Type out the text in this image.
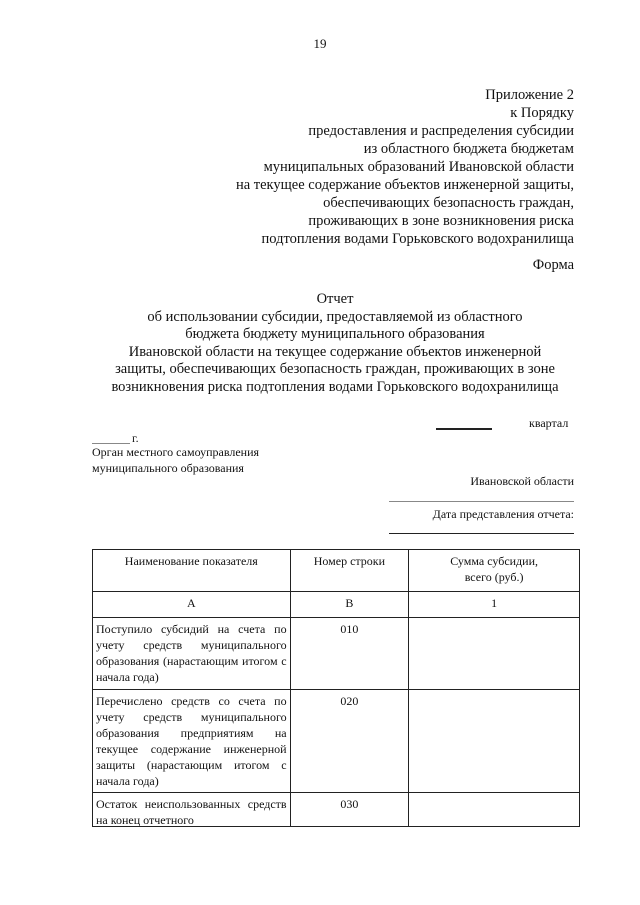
19
Приложение 2
к Порядку
предоставления и распределения субсидии
из областного бюджета бюджетам
муниципальных образований Ивановской области
на текущее содержание объектов инженерной защиты,
обеспечивающих безопасность граждан,
проживающих в зоне возникновения риска
подтопления водами Горьковского водохранилища
Форма
Отчет
об использовании субсидии, предоставляемой из областного
бюджета бюджету муниципального образования
Ивановской области на текущее содержание объектов инженерной
защиты, обеспечивающих безопасность граждан, проживающих в зоне
возникновения риска подтопления водами Горьковского водохранилища
квартал
г.
Орган местного самоуправления
муниципального образования
Ивановской области
Дата представления отчета:
Наименование показателя	Номер строки	Сумма субсидии, всего (руб.)
А	В	1
Поступило субсидий на счета по учету средств муниципального образования (нарастающим итогом с начала года)	010	
Перечислено средств со счета по учету средств муниципального образования предприятиям на текущее содержание инженерной защиты (нарастающим итогом с начала года)	020	
Остаток неиспользованных средств на конец отчетного	030	
